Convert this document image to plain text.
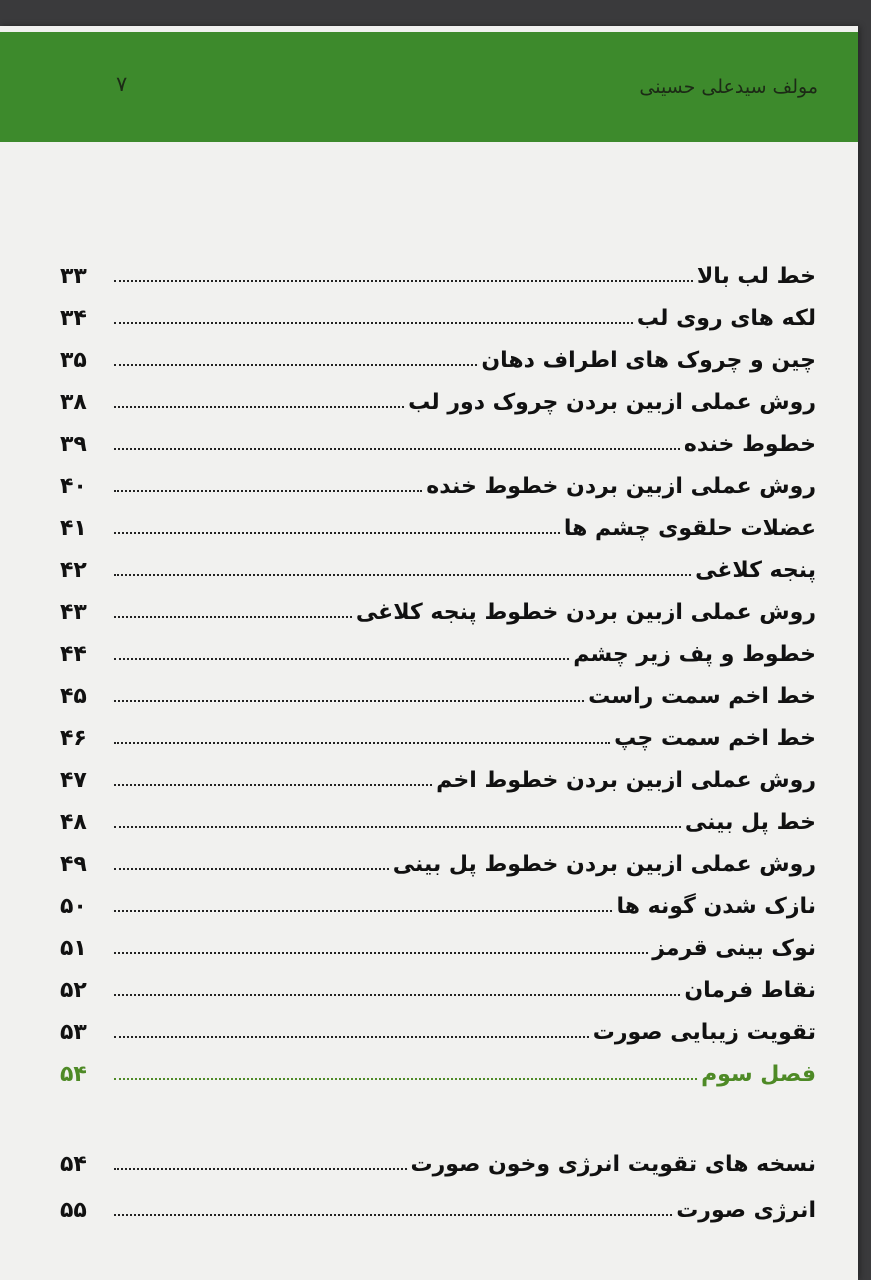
مولف سیدعلی حسینی
۷
خط لب بالا
۳۳
لکه های روی لب
۳۴
چین و چروک های اطراف دهان
۳۵
روش عملی ازبین بردن چروک دور لب
۳۸
خطوط خنده
۳۹
روش عملی ازبین بردن خطوط خنده
۴۰
عضلات حلقوی چشم ها
۴۱
پنجه کلاغی
۴۲
روش عملی ازبین بردن خطوط پنجه کلاغی
۴۳
خطوط و پف زیر چشم
۴۴
خط اخم سمت راست
۴۵
خط اخم سمت چپ
۴۶
روش عملی ازبین بردن خطوط اخم
۴۷
خط پل بینی
۴۸
روش عملی ازبین بردن خطوط پل بینی
۴۹
نازک شدن گونه ها
۵۰
نوک بینی قرمز
۵۱
نقاط فرمان
۵۲
تقویت زیبایی صورت
۵۳
فصل سوم
۵۴
نسخه های تقویت انرژی وخون صورت
۵۴
انرژی صورت
۵۵
